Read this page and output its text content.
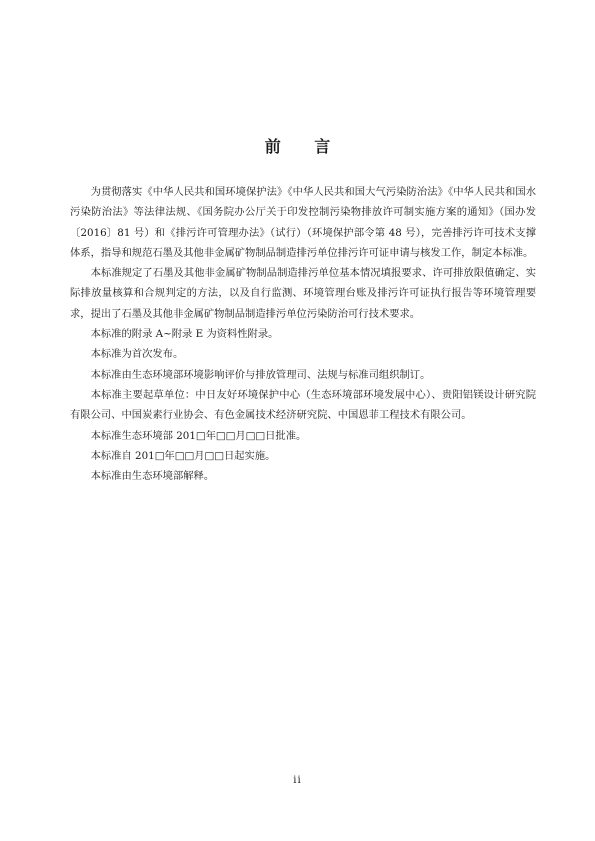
前 言

为贯彻落实《中华人民共和国环境保护法》《中华人民共和国大气污染防治法》《中华人民共和国水污染防治法》等法律法规、《国务院办公厅关于印发控制污染物排放许可制实施方案的通知》（国办发〔2016〕81 号）和《排污许可管理办法》（试行）（环境保护部令第 48 号），完善排污许可技术支撑体系，指导和规范石墨及其他非金属矿物制品制造排污单位排污许可证申请与核发工作，制定本标准。

本标准规定了石墨及其他非金属矿物制品制造排污单位基本情况填报要求、许可排放限值确定、实际排放量核算和合规判定的方法，以及自行监测、环境管理台账及排污许可证执行报告等环境管理要求，提出了石墨及其他非金属矿物制品制造排污单位污染防治可行技术要求。

本标准的附录 A~附录 E 为资料性附录。

本标准为首次发布。

本标准由生态环境部环境影响评价与排放管理司、法规与标准司组织制订。

本标准主要起草单位：中日友好环境保护中心（生态环境部环境发展中心）、贵阳铝镁设计研究院有限公司、中国炭素行业协会、有色金属技术经济研究院、中国恩菲工程技术有限公司。

本标准生态环境部 201□年□□月□□日批准。

本标准自 201□年□□月□□日起实施。

本标准由生态环境部解释。

ii
